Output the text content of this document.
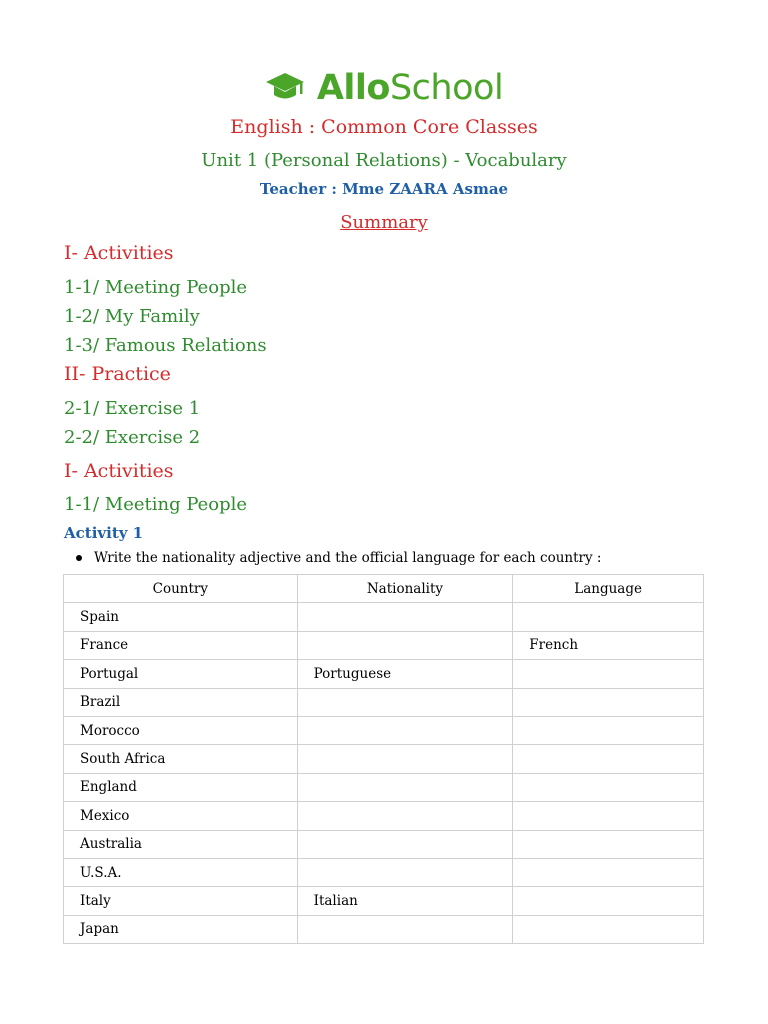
AlloSchool
English : Common Core Classes
Unit 1 (Personal Relations) - Vocabulary
Teacher : Mme ZAARA Asmae
Summary
I- Activities
1-1/ Meeting People
1-2/ My Family
1-3/ Famous Relations
II- Practice
2-1/ Exercise 1
2-2/ Exercise 2
I- Activities
1-1/ Meeting People
Activity 1
Write the nationality adjective and the official language for each country :
Country	Nationality	Language
Spain		
France		French
Portugal	Portuguese	
Brazil		
Morocco		
South Africa		
England		
Mexico		
Australia		
U.S.A.		
Italy	Italian	
Japan		
